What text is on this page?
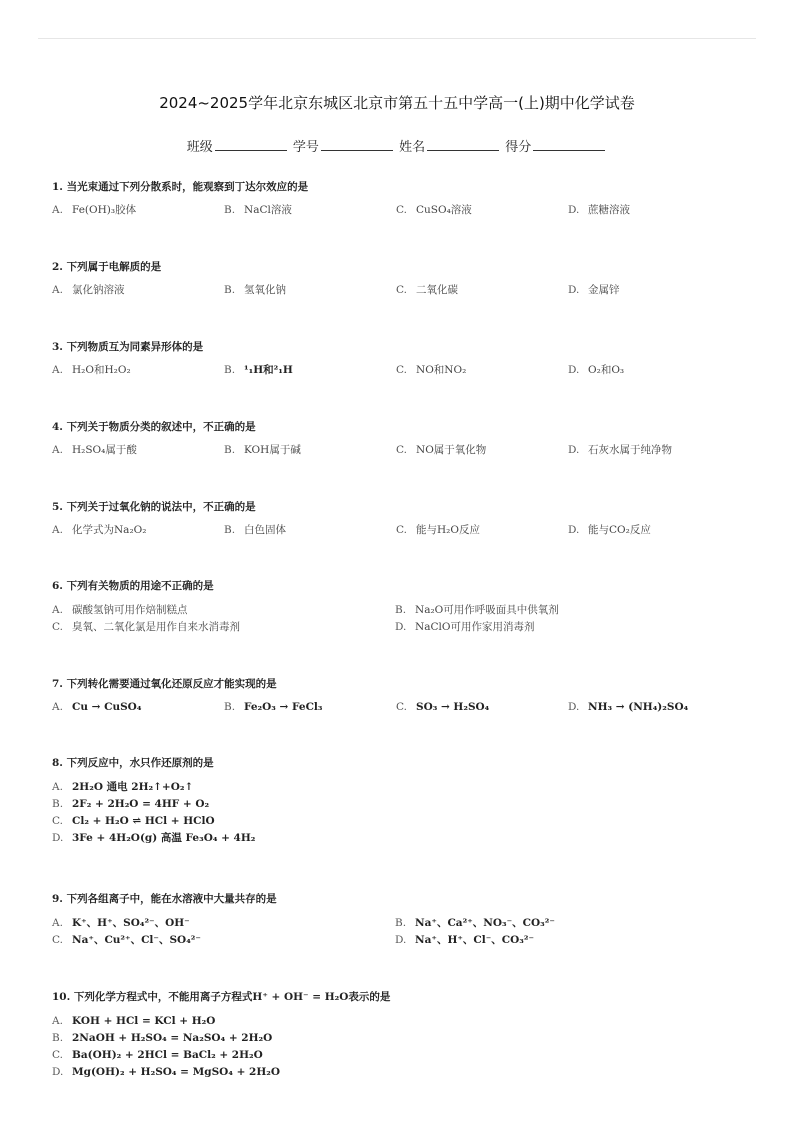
2024~2025学年北京东城区北京市第五十五中学高一(上)期中化学试卷
班级	学号	姓名	得分
1. 当光束通过下列分散系时，能观察到丁达尔效应的是
A. Fe(OH)₃胶体	B. NaCl溶液	C. CuSO₄溶液	D. 蔗糖溶液
2. 下列属于电解质的是
A. 氯化钠溶液	B. 氢氧化钠	C. 二氧化碳	D. 金属锌
3. 下列物质互为同素异形体的是
A. H₂O和H₂O₂	B. ¹₁H和²₁H	C. NO和NO₂	D. O₂和O₃
4. 下列关于物质分类的叙述中，不正确的是
A. H₂SO₄属于酸	B. KOH属于碱	C. NO属于氧化物	D. 石灰水属于纯净物
5. 下列关于过氧化钠的说法中，不正确的是
A. 化学式为Na₂O₂	B. 白色固体	C. 能与H₂O反应	D. 能与CO₂反应
6. 下列有关物质的用途不正确的是
A. 碳酸氢钠可用作焙制糕点	B. Na₂O可用作呼吸面具中供氧剂
C. 臭氧、二氧化氯是用作自来水消毒剂	D. NaClO可用作家用消毒剂
7. 下列转化需要通过氧化还原反应才能实现的是
A. Cu → CuSO₄	B. Fe₂O₃ → FeCl₃	C. SO₃ → H₂SO₄	D. NH₃ → (NH₄)₂SO₄
8. 下列反应中，水只作还原剂的是
A. 2H₂O 通电 2H₂↑+O₂↑
B. 2F₂ + 2H₂O = 4HF + O₂
C. Cl₂ + H₂O ⇌ HCl + HClO
D. 3Fe + 4H₂O(g) 高温 Fe₃O₄ + 4H₂
9. 下列各组离子中，能在水溶液中大量共存的是
A. K⁺、H⁺、SO₄²⁻、OH⁻	B. Na⁺、Ca²⁺、NO₃⁻、CO₃²⁻
C. Na⁺、Cu²⁺、Cl⁻、SO₄²⁻	D. Na⁺、H⁺、Cl⁻、CO₃²⁻
10. 下列化学方程式中，不能用离子方程式H⁺ + OH⁻ = H₂O表示的是
A. KOH + HCl = KCl + H₂O
B. 2NaOH + H₂SO₄ = Na₂SO₄ + 2H₂O
C. Ba(OH)₂ + 2HCl = BaCl₂ + 2H₂O
D. Mg(OH)₂ + H₂SO₄ = MgSO₄ + 2H₂O
